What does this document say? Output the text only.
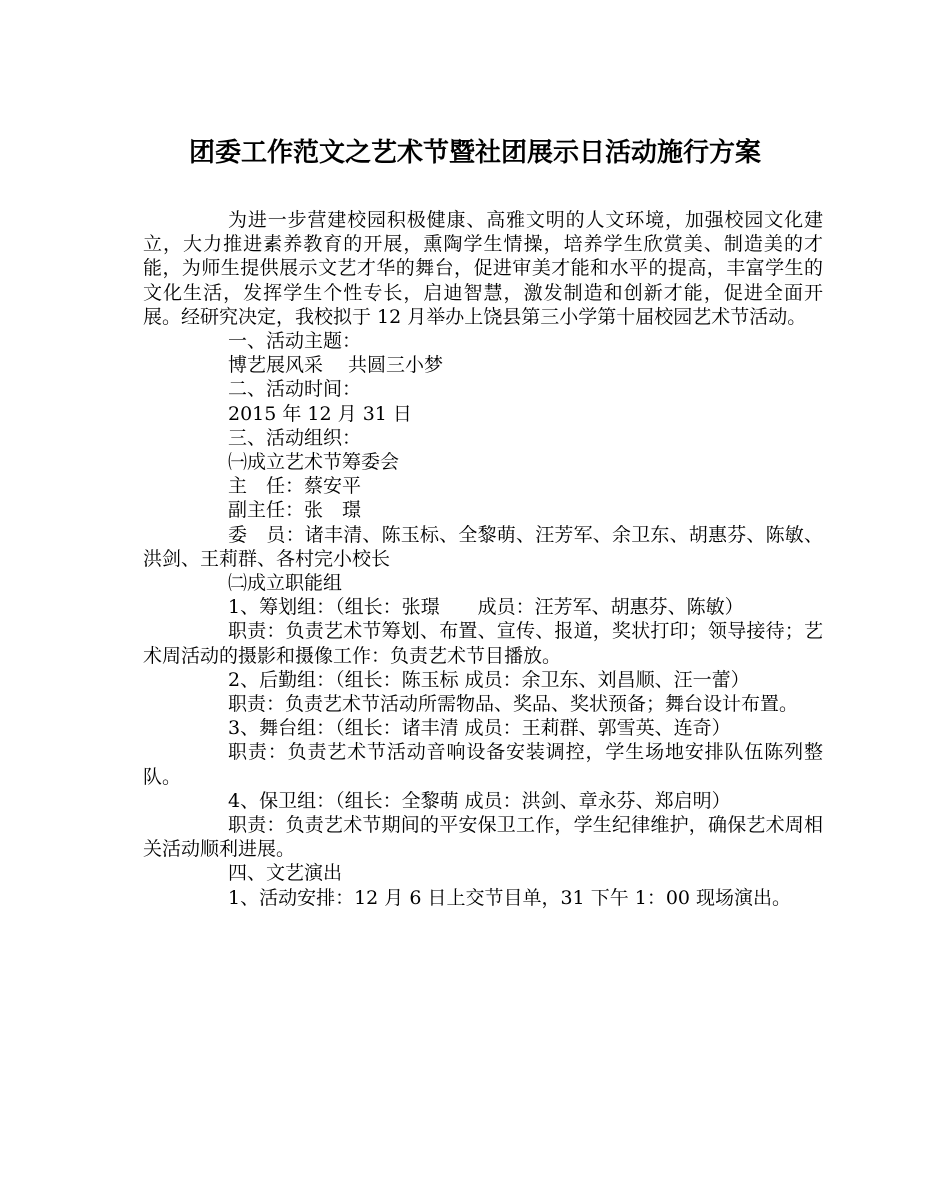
团委工作范文之艺术节暨社团展示日活动施行方案

为进一步营建校园积极健康、高雅文明的人文环境，加强校园文化建立，大力推进素养教育的开展，熏陶学生情操，培养学生欣赏美、制造美的才能，为师生提供展示文艺才华的舞台，促进审美才能和水平的提高，丰富学生的文化生活，发挥学生个性专长，启迪智慧，激发制造和创新才能，促进全面开展。经研究决定，我校拟于 12 月举办上饶县第三小学第十届校园艺术节活动。

一、活动主题：

博艺展风采　 共圆三小梦

二、活动时间：

2015 年 12 月 31 日

三、活动组织：

㈠成立艺术节筹委会

主　任：蔡安平

副主任：张　璟

委　员：诸丰清、陈玉标、全黎萌、汪芳军、余卫东、胡惠芬、陈敏、洪剑、王莉群、各村完小校长

㈡成立职能组

1、筹划组：（组长：张璟　　成员：汪芳军、胡惠芬、陈敏）

职责：负责艺术节筹划、布置、宣传、报道，奖状打印；领导接待；艺术周活动的摄影和摄像工作：负责艺术节目播放。

2、后勤组：（组长：陈玉标 成员：余卫东、刘昌顺、汪一蕾）

职责：负责艺术节活动所需物品、奖品、奖状预备；舞台设计布置。

3、舞台组：（组长：诸丰清 成员：王莉群、郭雪英、连奇）

职责：负责艺术节活动音响设备安装调控，学生场地安排队伍陈列整队。

4、保卫组：（组长：全黎萌 成员：洪剑、章永芬、郑启明）

职责：负责艺术节期间的平安保卫工作，学生纪律维护，确保艺术周相关活动顺利进展。

四、文艺演出

1、活动安排：12 月 6 日上交节目单，31 下午 1：00 现场演出。
